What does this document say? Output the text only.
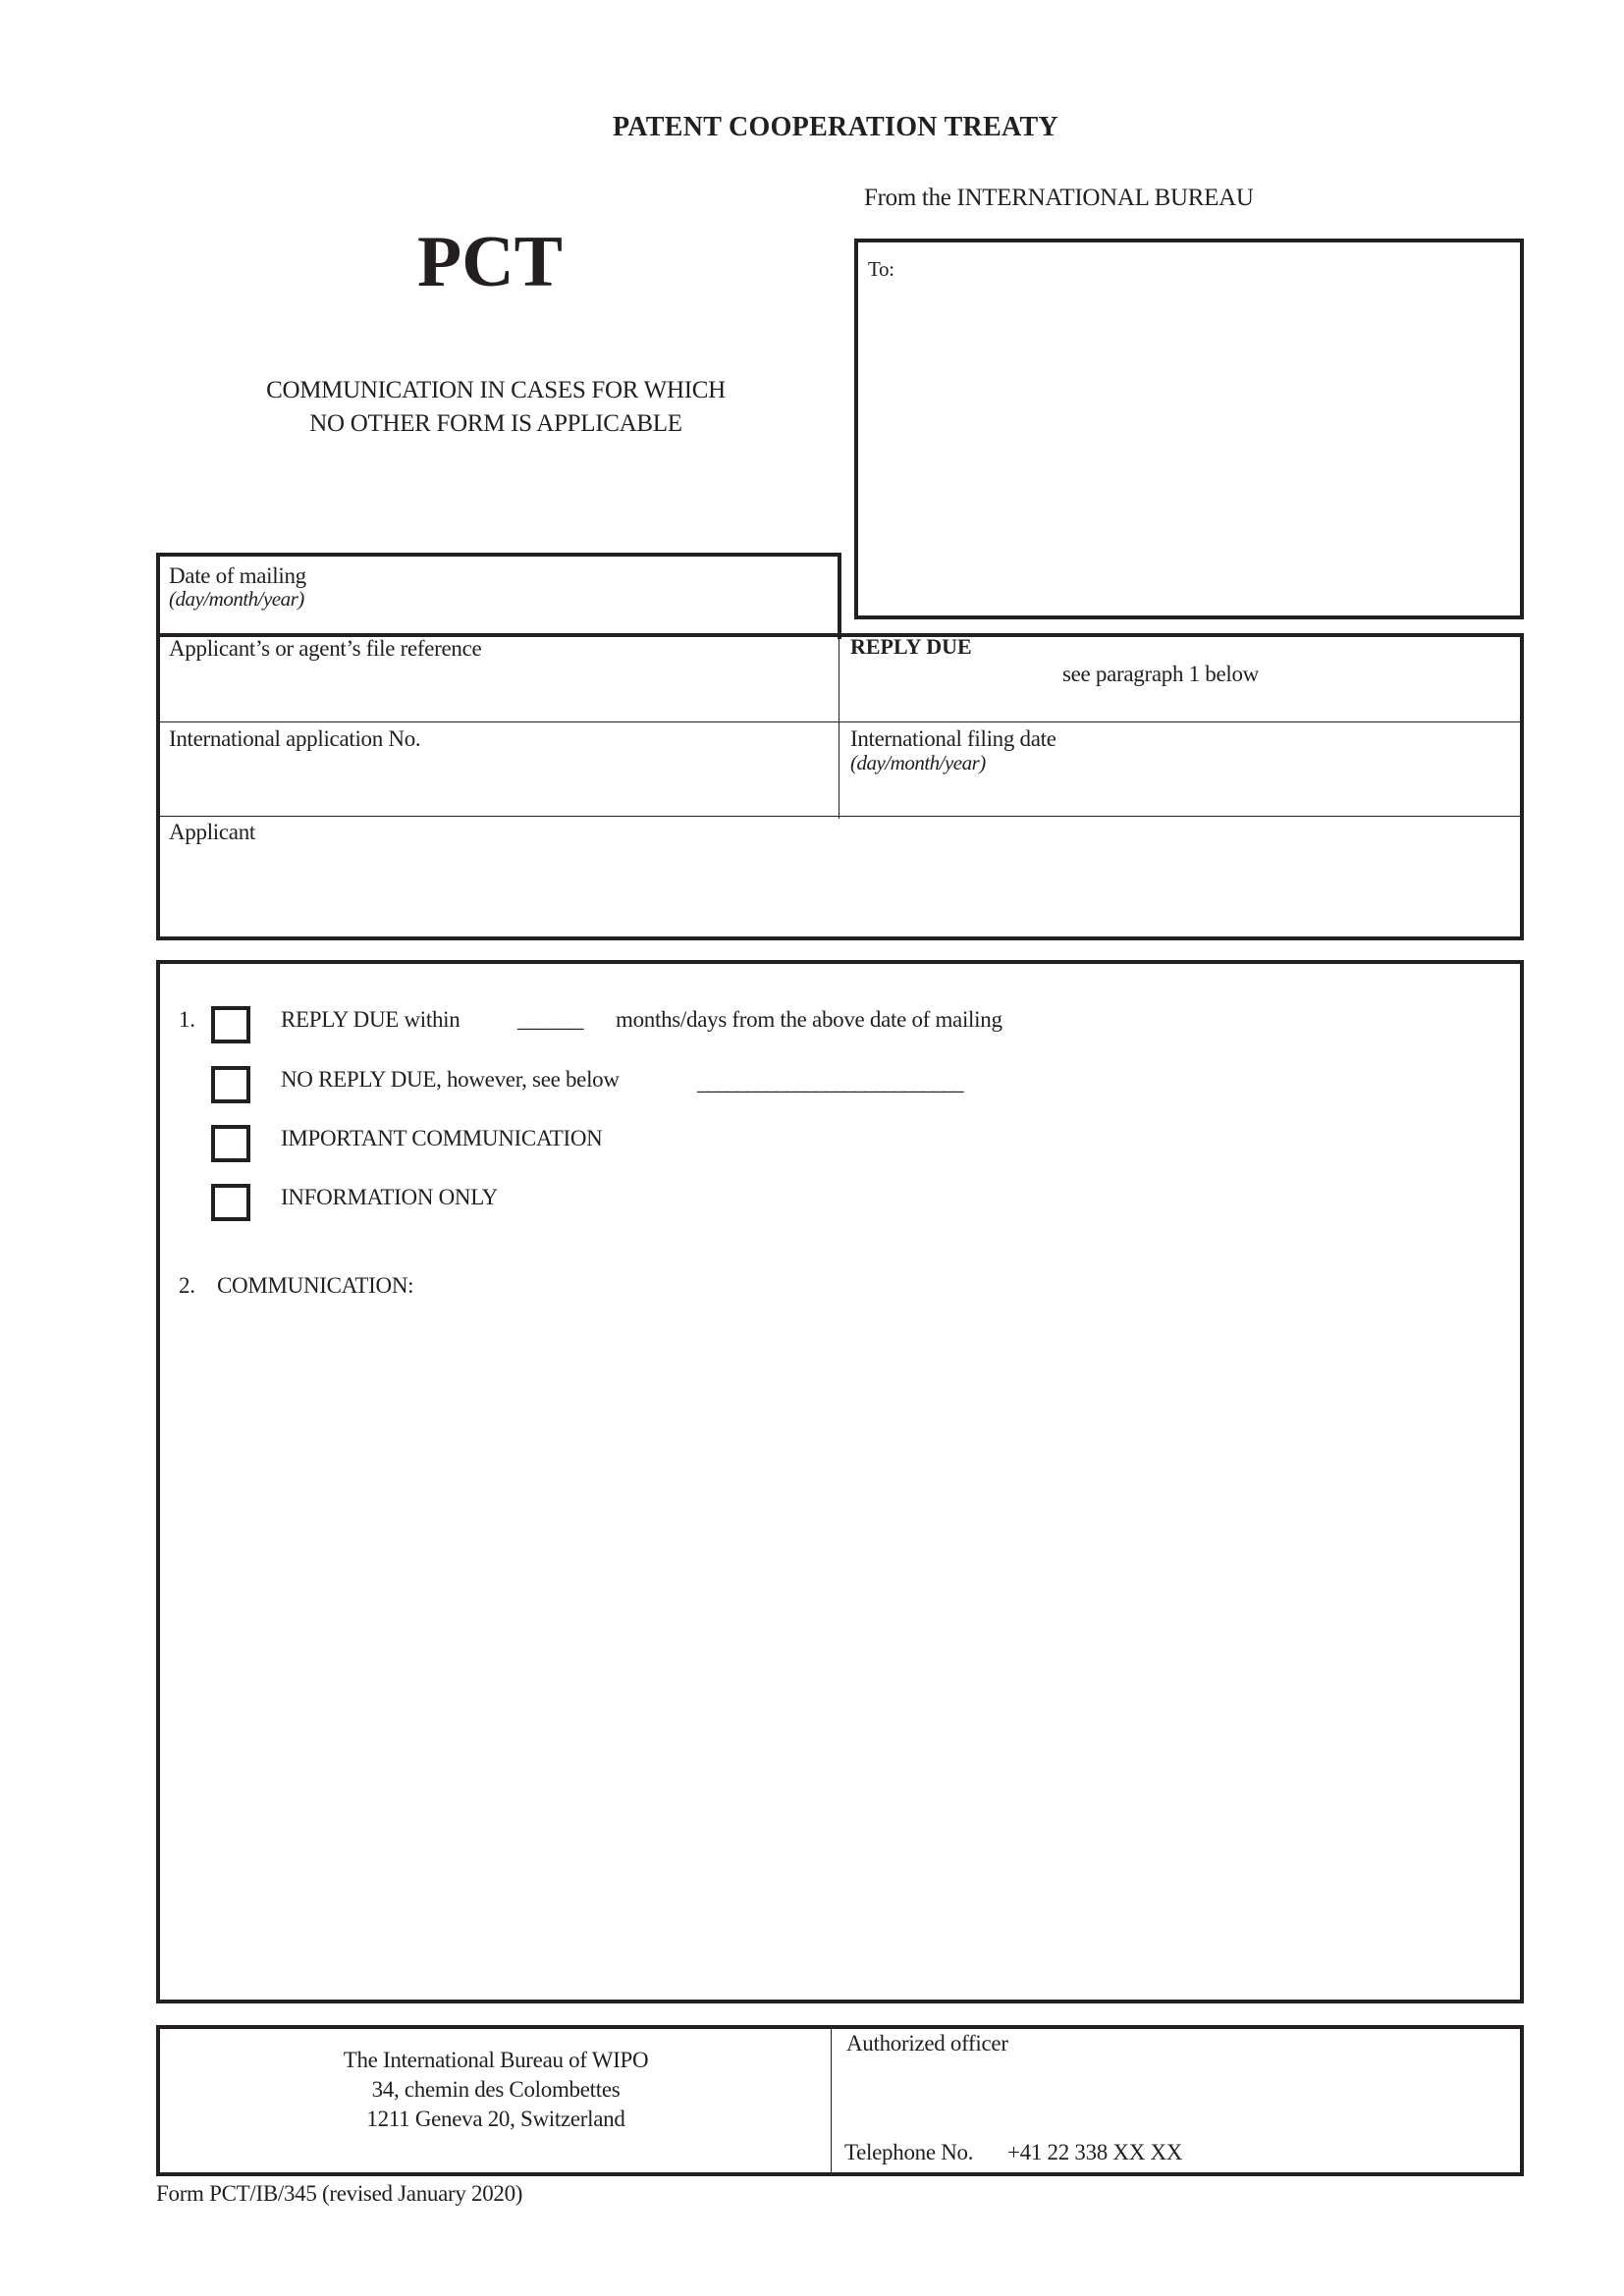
PATENT COOPERATION TREATY
From the INTERNATIONAL BUREAU
PCT
COMMUNICATION IN CASES FOR WHICH
NO OTHER FORM IS APPLICABLE
To:
Date of mailing
(day/month/year)
Applicant’s or agent’s file reference	REPLY DUE
see paragraph 1 below
International application No.	International filing date
(day/month/year)
Applicant
1.	REPLY DUE within	______ months/days from the above date of mailing
NO REPLY DUE, however, see below	___________________________
IMPORTANT COMMUNICATION
INFORMATION ONLY
2. COMMUNICATION:
The International Bureau of WIPO
34, chemin des Colombettes
1211 Geneva 20, Switzerland
Authorized officer
Telephone No. +41 22 338 XX XX
Form PCT/IB/345 (revised January 2020)
